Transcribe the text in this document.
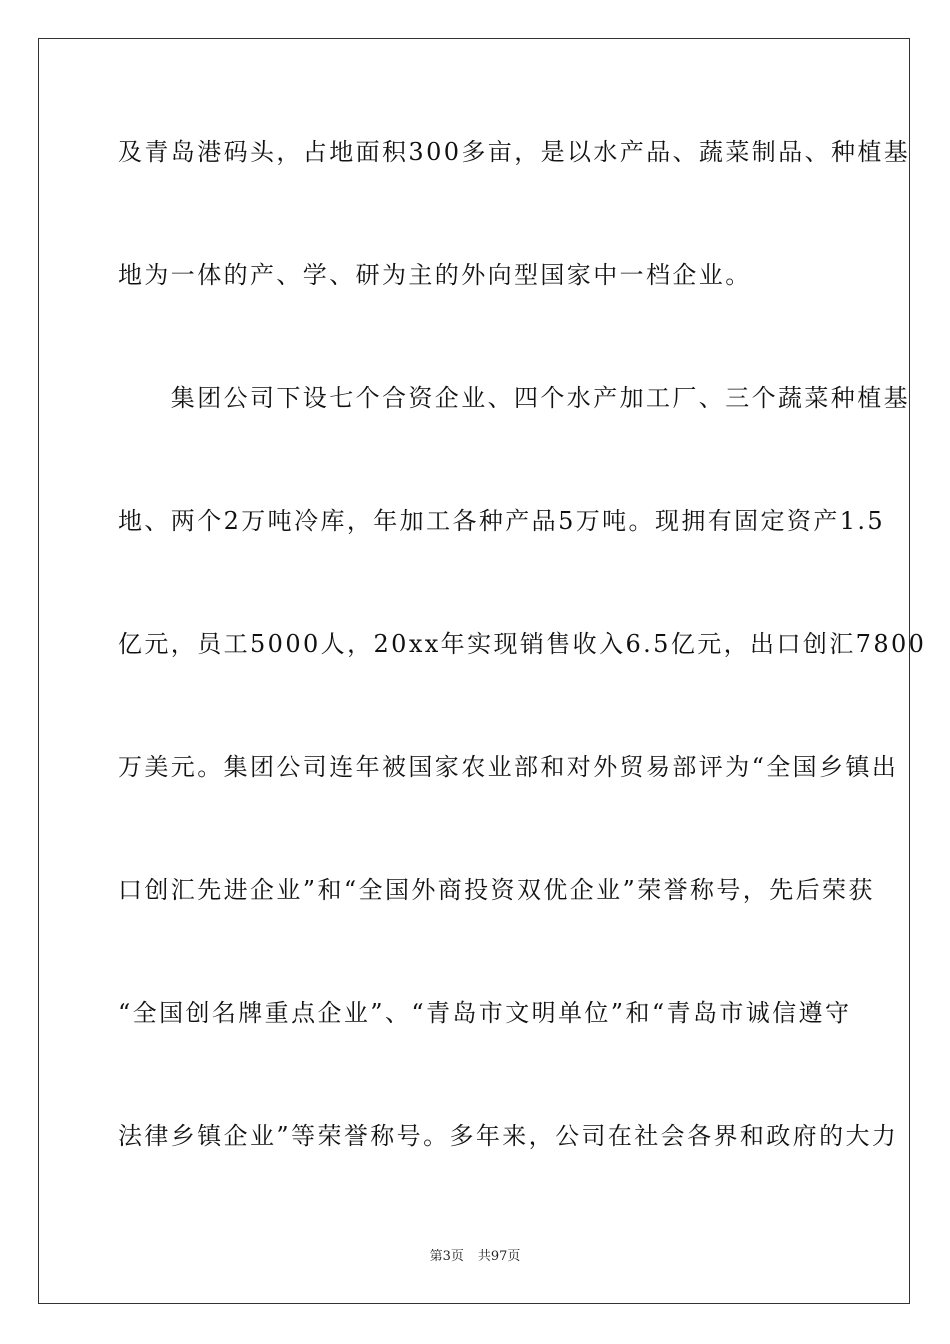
及青岛港码头，占地面积300多亩，是以水产品、蔬菜制品、种植基
地为一体的产、学、研为主的外向型国家中一档企业。
　　集团公司下设七个合资企业、四个水产加工厂、三个蔬菜种植基
地、两个2万吨冷库，年加工各种产品5万吨。现拥有固定资产1.5
亿元，员工5000人，20xx年实现销售收入6.5亿元，出口创汇7800
万美元。集团公司连年被国家农业部和对外贸易部评为“全国乡镇出
口创汇先进企业”和“全国外商投资双优企业”荣誉称号，先后荣获
“全国创名牌重点企业”、“青岛市文明单位”和“青岛市诚信遵守
法律乡镇企业”等荣誉称号。多年来，公司在社会各界和政府的大力
第3页 共97页
